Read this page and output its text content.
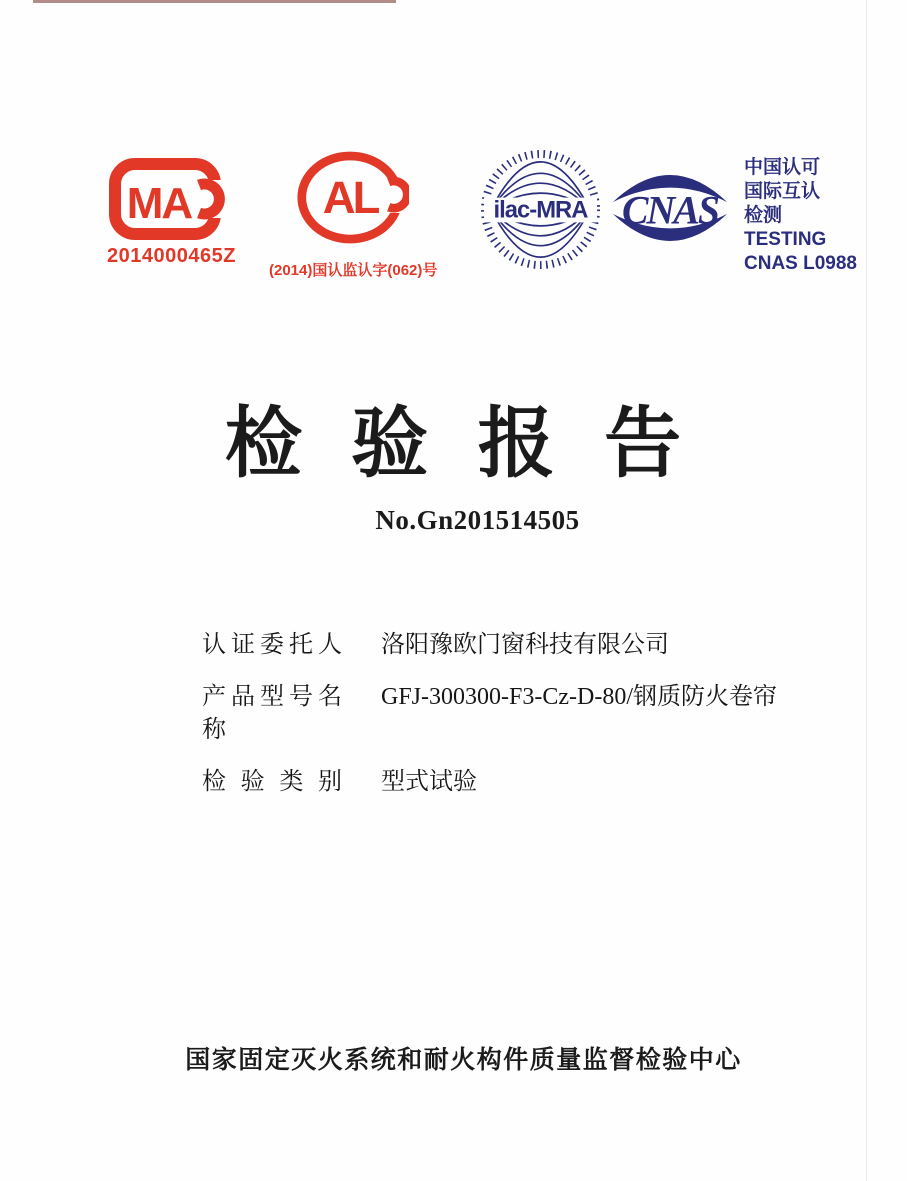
MA
2014000465Z
AL
(2014)国认监认字(062)号
ilac-MRA CNAS
中国认可
国际互认
检测
TESTING
CNAS L0988
检 验 报 告
No.Gn201514505
认证委托人 洛阳豫欧门窗科技有限公司
产品型号名称
GFJ-300300-F3-Cz-D-80/钢质防火卷帘
检验类别 型式试验
国家固定灭火系统和耐火构件质量监督检验中心
